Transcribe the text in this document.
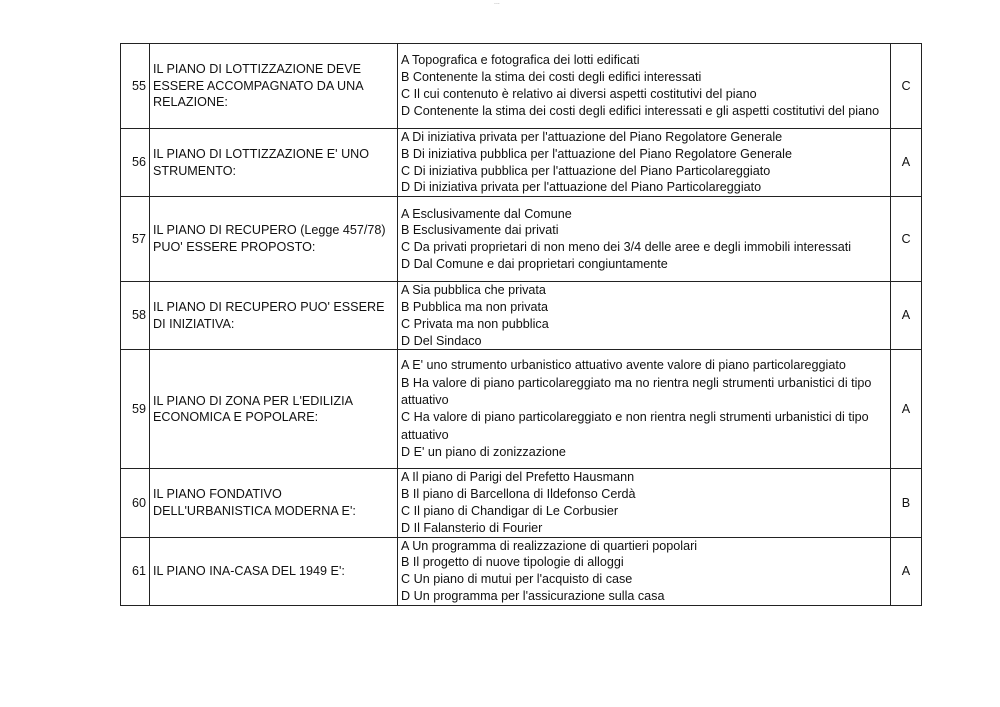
...
55	IL PIANO DI LOTTIZZAZIONE DEVE ESSERE ACCOMPAGNATO DA UNA RELAZIONE:	A Topografica e fotografica dei lotti edificati
B Contenente la stima dei costi degli edifici interessati
C Il cui contenuto è relativo ai diversi aspetti costitutivi del piano
D Contenente la stima dei costi degli edifici interessati e gli aspetti costitutivi del piano	C
56	IL PIANO DI LOTTIZZAZIONE E' UNO STRUMENTO:	A Di iniziativa privata per l'attuazione del Piano Regolatore Generale
B Di iniziativa pubblica per l'attuazione del Piano Regolatore Generale
C Di iniziativa pubblica per l'attuazione del Piano Particolareggiato
D Di iniziativa privata per l'attuazione del Piano Particolareggiato	A
57	IL PIANO DI RECUPERO (Legge 457/78) PUO' ESSERE PROPOSTO:	A Esclusivamente dal Comune
B Esclusivamente dai privati
C Da privati proprietari di non meno dei 3/4 delle aree e degli immobili interessati
D Dal Comune e dai proprietari congiuntamente	C
58	IL PIANO DI RECUPERO PUO' ESSERE DI INIZIATIVA:	A Sia pubblica che privata
B Pubblica ma non privata
C Privata ma non pubblica
D Del Sindaco	A
59	IL PIANO DI ZONA PER L'EDILIZIA ECONOMICA E POPOLARE:	A E' uno strumento urbanistico attuativo avente valore di piano particolareggiato
B Ha valore di piano particolareggiato ma no rientra negli strumenti urbanistici di tipo attuativo
C Ha valore di piano particolareggiato e non rientra negli strumenti urbanistici di tipo attuativo
D E' un piano di zonizzazione	A
60	IL PIANO FONDATIVO DELL'URBANISTICA MODERNA E':	A Il piano di Parigi del Prefetto Hausmann
B Il piano di Barcellona di Ildefonso Cerdà
C Il piano di Chandigar di Le Corbusier
D Il Falansterio di Fourier	B
61	IL PIANO INA-CASA DEL 1949 E':	A Un programma di realizzazione di quartieri popolari
B Il progetto di nuove tipologie di alloggi
C Un piano di mutui per l'acquisto di case
D Un programma per l'assicurazione sulla casa	A
